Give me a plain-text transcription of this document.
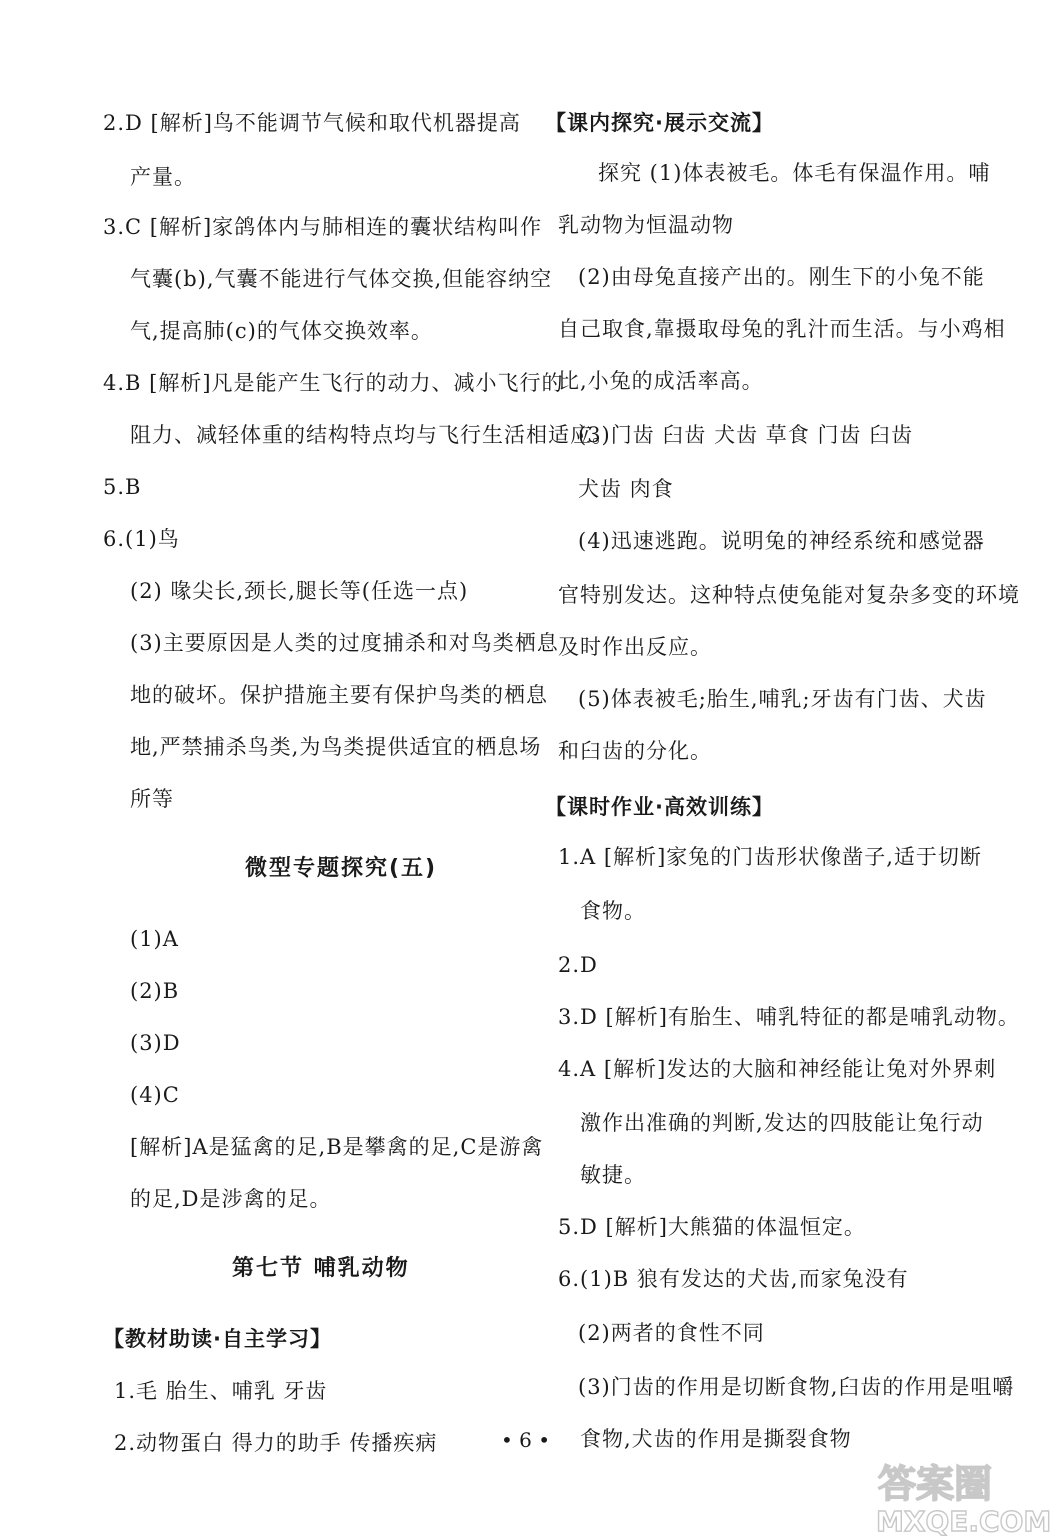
2.D [解析]鸟不能调节气候和取代机器提高
产量。
3.C [解析]家鸽体内与肺相连的囊状结构叫作
气囊(b),气囊不能进行气体交换,但能容纳空
气,提高肺(c)的气体交换效率。
4.B [解析]凡是能产生飞行的动力、减小飞行的
阻力、减轻体重的结构特点均与飞行生活相适应。
5.B
6.(1)鸟
(2) 喙尖长,颈长,腿长等(任选一点)
(3)主要原因是人类的过度捕杀和对鸟类栖息
地的破坏。保护措施主要有保护鸟类的栖息
地,严禁捕杀鸟类,为鸟类提供适宜的栖息场
所等
微型专题探究(五)
(1)A
(2)B
(3)D
(4)C
[解析]A是猛禽的足,B是攀禽的足,C是游禽
的足,D是涉禽的足。
第七节 哺乳动物
【教材助读·自主学习】
1.毛 胎生、哺乳 牙齿
2.动物蛋白 得力的助手 传播疾病
【课内探究·展示交流】
探究 (1)体表被毛。体毛有保温作用。哺
乳动物为恒温动物
(2)由母兔直接产出的。刚生下的小兔不能
自己取食,靠摄取母兔的乳汁而生活。与小鸡相
比,小兔的成活率高。
(3)门齿 臼齿 犬齿 草食 门齿 臼齿
犬齿 肉食
(4)迅速逃跑。说明兔的神经系统和感觉器
官特别发达。这种特点使兔能对复杂多变的环境
及时作出反应。
(5)体表被毛;胎生,哺乳;牙齿有门齿、犬齿
和臼齿的分化。
【课时作业·高效训练】
1.A [解析]家兔的门齿形状像凿子,适于切断
食物。
2.D
3.D [解析]有胎生、哺乳特征的都是哺乳动物。
4.A [解析]发达的大脑和神经能让兔对外界刺
激作出准确的判断,发达的四肢能让兔行动
敏捷。
5.D [解析]大熊猫的体温恒定。
6.(1)B 狼有发达的犬齿,而家兔没有
(2)两者的食性不同
(3)门齿的作用是切断食物,臼齿的作用是咀嚼
食物,犬齿的作用是撕裂食物
• 6 •
答案圈
MXQE.COM
